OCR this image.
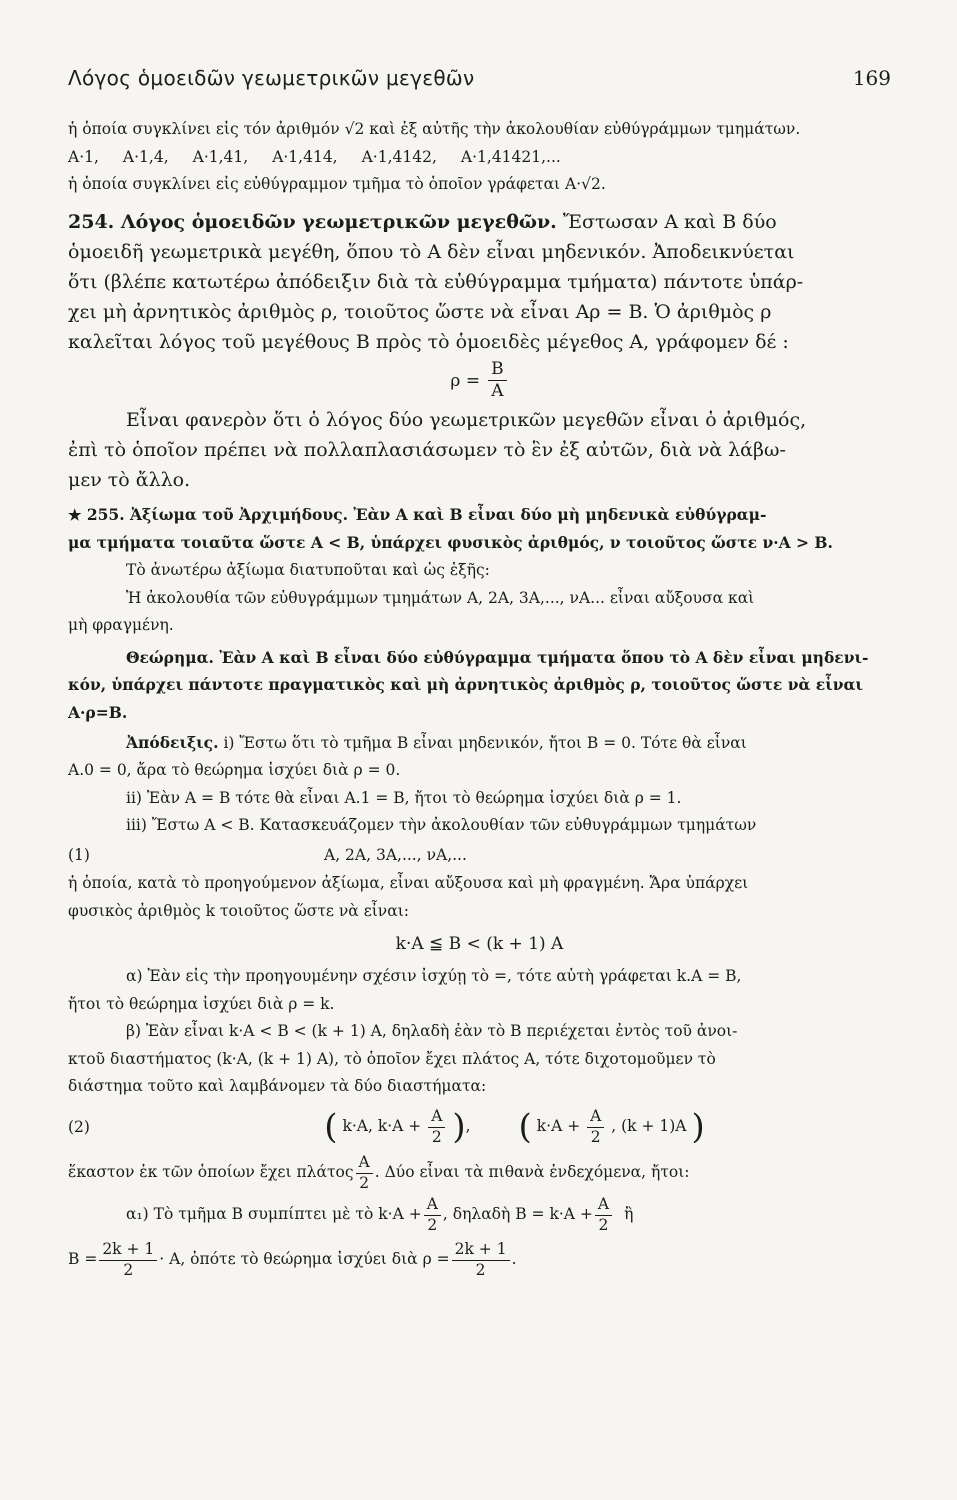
Λόγος ὁμοειδῶν γεωμετρικῶν μεγεθῶν	169

ἡ ὁποία συγκλίνει εἰς τόν ἀριθμόν √2 καὶ ἐξ αὐτῆς τὴν ἀκολουθίαν εὐθύγράμμων τμημάτων.

A·1, A·1,4, A·1,41, A·1,414, A·1,4142, A·1,41421,...

ἡ ὁποία συγκλίνει εἰς εὐθύγραμμον τμῆμα τὸ ὁποῖον γράφεται A·√2.

254. Λόγος ὁμοειδῶν γεωμετρικῶν μεγεθῶν. Ἔστωσαν A καὶ B δύο

ὁμοειδῆ γεωμετρικὰ μεγέθη, ὅπου τὸ A δὲν εἶναι μηδενικόν. Ἀποδεικνύεται

ὅτι (βλέπε κατωτέρω ἀπόδειξιν διὰ τὰ εὐθύγραμμα τμήματα) πάντοτε ὑπάρ-

χει μὴ ἀρνητικὸς ἀριθμὸς ρ, τοιοῦτος ὥστε νὰ εἶναι Aρ = B. Ὁ ἀριθμὸς ρ

καλεῖται λόγος τοῦ μεγέθους B πρὸς τὸ ὁμοειδὲς μέγεθος A, γράφομεν δέ :

$\rho = \frac{B}{A}$

Εἶναι φανερὸν ὅτι ὁ λόγος δύο γεωμετρικῶν μεγεθῶν εἶναι ὁ ἀριθμός,

ἐπὶ τὸ ὁποῖον πρέπει νὰ πολλαπλασιάσωμεν τὸ ἓν ἐξ αὐτῶν, διὰ νὰ λάβω-

μεν τὸ ἄλλο.

★ 255. Ἀξίωμα τοῦ Ἀρχιμήδους. Ἐὰν A καὶ B εἶναι δύο μὴ μηδενικὰ εὐθύγραμ-

μα τμήματα τοιαῦτα ὥστε A < B, ὑπάρχει φυσικὸς ἀριθμός, ν τοιοῦτος ὥστε ν·A > B.

Τὸ ἀνωτέρω ἀξίωμα διατυποῦται καὶ ὡς ἑξῆς:

Ἡ ἀκολουθία τῶν εὐθυγράμμων τμημάτων A, 2A, 3A,..., νA... εἶναι αὔξουσα καὶ

μὴ φραγμένη.

Θεώρημα. Ἐὰν A καὶ B εἶναι δύο εὐθύγραμμα τμήματα ὅπου τὸ A δὲν εἶναι μηδενι-

κόν, ὑπάρχει πάντοτε πραγματικὸς καὶ μὴ ἀρνητικὸς ἀριθμὸς ρ, τοιοῦτος ὥστε νὰ εἶναι

A·ρ=B.

Ἀπόδειξις. i) Ἔστω ὅτι τὸ τμῆμα B εἶναι μηδενικόν, ἤτοι B = 0. Τότε θὰ εἶναι

A.0 = 0, ἄρα τὸ θεώρημα ἰσχύει διὰ ρ = 0.

ii) Ἐὰν A = B τότε θὰ εἶναι A.1 = B, ἤτοι τὸ θεώρημα ἰσχύει διὰ ρ = 1.

iii) Ἔστω A < B. Κατασκευάζομεν τὴν ἀκολουθίαν τῶν εὐθυγράμμων τμημάτων

(1)	A, 2A, 3A,..., νA,...

ἡ ὁποία, κατὰ τὸ προηγούμενον ἀξίωμα, εἶναι αὔξουσα καὶ μὴ φραγμένη. Ἄρα ὑπάρχει

φυσικὸς ἀριθμὸς k τοιοῦτος ὥστε νὰ εἶναι:

k·A ≦ B < (k + 1) A

α) Ἐὰν εἰς τὴν προηγουμένην σχέσιν ἰσχύῃ τὸ =, τότε αὐτὴ γράφεται k.A = B,

ἤτοι τὸ θεώρημα ἰσχύει διὰ ρ = k.

β) Ἐὰν εἶναι k·A < B < (k + 1) A, δηλαδὴ ἐὰν τὸ B περιέχεται ἐντὸς τοῦ ἀνοι-

κτοῦ διαστήματος (k·A, (k + 1) A), τὸ ὁποῖον ἔχει πλάτος A, τότε διχοτομοῦμεν τὸ

διάστημα τοῦτο καὶ λαμβάνομεν τὰ δύο διαστήματα:

(2)	( k·A, $k\cdot A + \frac{A}{2}$ ), ( $k\cdot A + \frac{A}{2}$ , (k + 1)A )
ἕκαστον ἐκ τῶν ὁποίων ἔχει πλάτος $\frac{A}{2}$ . Δύο εἶναι τὰ πιθανὰ ἐνδεχόμενα, ἤτοι:
α₁) Τὸ τμῆμα B συμπίπτει μὲ τὸ $k\cdot A + \frac{A}{2}$ , δηλαδὴ $B = k\cdot A + \frac{A}{2}$ ἢ
$B = \frac{2k + 1}{2} \cdot A$, ὁπότε τὸ θεώρημα ἰσχύει διὰ $\rho = \frac{2k + 1}{2}$ .
